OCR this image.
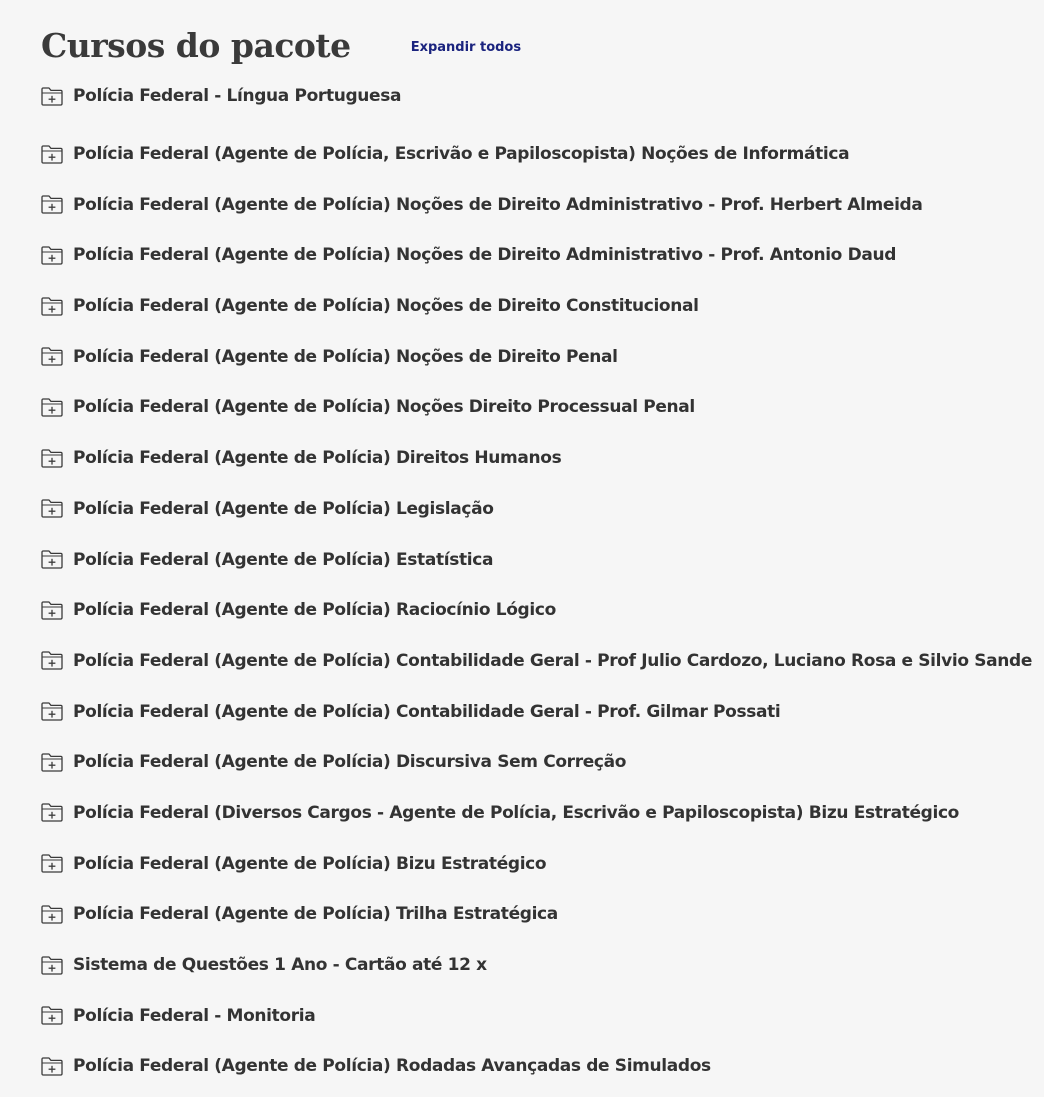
Cursos do pacote	Expandir todos
Polícia Federal - Língua Portuguesa
Polícia Federal (Agente de Polícia, Escrivão e Papiloscopista) Noções de Informática
Polícia Federal (Agente de Polícia) Noções de Direito Administrativo - Prof. Herbert Almeida
Polícia Federal (Agente de Polícia) Noções de Direito Administrativo - Prof. Antonio Daud
Polícia Federal (Agente de Polícia) Noções de Direito Constitucional
Polícia Federal (Agente de Polícia) Noções de Direito Penal
Polícia Federal (Agente de Polícia) Noções Direito Processual Penal
Polícia Federal (Agente de Polícia) Direitos Humanos
Polícia Federal (Agente de Polícia) Legislação
Polícia Federal (Agente de Polícia) Estatística
Polícia Federal (Agente de Polícia) Raciocínio Lógico
Polícia Federal (Agente de Polícia) Contabilidade Geral - Prof Julio Cardozo, Luciano Rosa e Silvio Sande
Polícia Federal (Agente de Polícia) Contabilidade Geral - Prof. Gilmar Possati
Polícia Federal (Agente de Polícia) Discursiva Sem Correção
Polícia Federal (Diversos Cargos - Agente de Polícia, Escrivão e Papiloscopista) Bizu Estratégico
Polícia Federal (Agente de Polícia) Bizu Estratégico
Polícia Federal (Agente de Polícia) Trilha Estratégica
Sistema de Questões 1 Ano - Cartão até 12 x
Polícia Federal - Monitoria
Polícia Federal (Agente de Polícia) Rodadas Avançadas de Simulados
